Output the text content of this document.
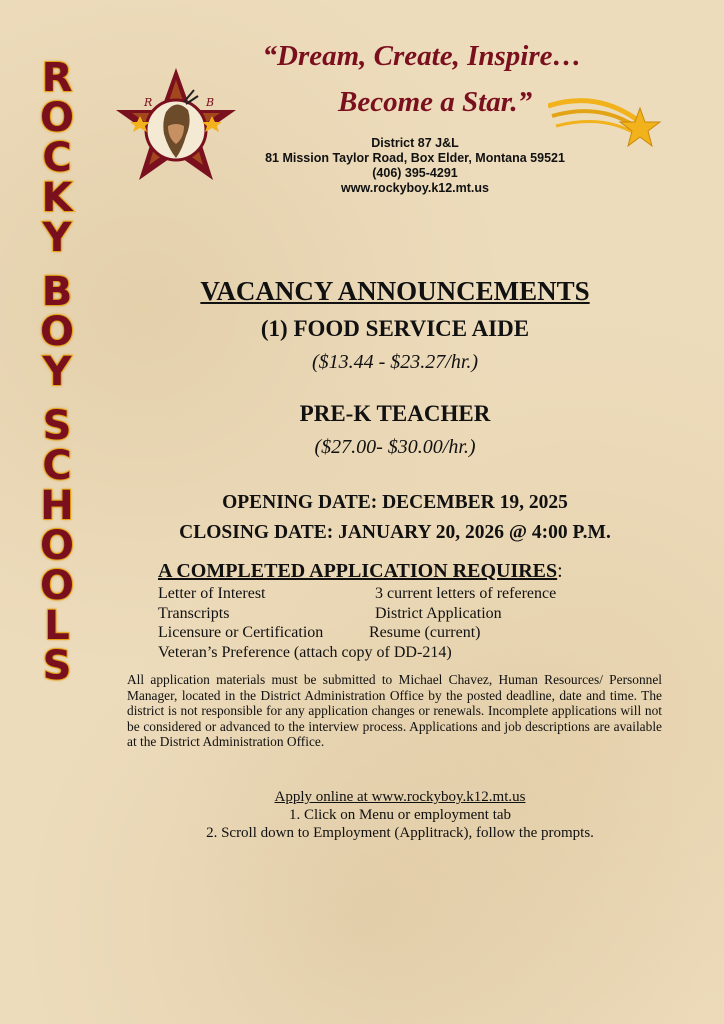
R
O
C
K
Y
B
O
Y
S
C
H
O
O
L
S
R	B
“Dream, Create, Inspire…
Become a Star.”
District 87 J&L
81 Mission Taylor Road, Box Elder, Montana 59521
(406) 395-4291
www.rockyboy.k12.mt.us
VACANCY ANNOUNCEMENTS
(1) FOOD SERVICE AIDE
($13.44 - $23.27/hr.)
PRE-K TEACHER
($27.00- $30.00/hr.)
OPENING DATE: DECEMBER 19, 2025
CLOSING DATE: JANUARY 20, 2026 @ 4:00 P.M.
A COMPLETED APPLICATION REQUIRES:
Letter of Interest	3 current letters of reference
Transcripts	District Application
Licensure or Certification	Resume (current)
Veteran’s Preference (attach copy of DD-214)
All application materials must be submitted to Michael Chavez, Human Resources/ Personnel Manager, located in the District Administration Office by the posted deadline, date and time. The district is not responsible for any application changes or renewals. Incomplete applications will not be considered or advanced to the interview process. Applications and job descriptions are available at the District Administration Office.
Apply online at www.rockyboy.k12.mt.us
1. Click on Menu or employment tab
2. Scroll down to Employment (Applitrack), follow the prompts.
